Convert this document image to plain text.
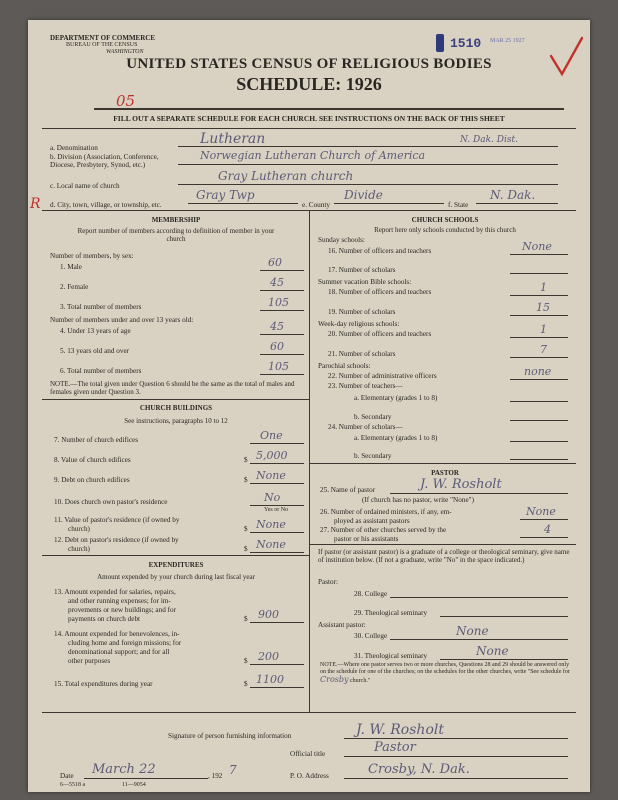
DEPARTMENT OF COMMERCE
BUREAU OF THE CENSUS
WASHINGTON
1510 MAR 25 1927
UNITED STATES CENSUS OF RELIGIOUS BODIES
SCHEDULE: 1926
05
FILL OUT A SEPARATE SCHEDULE FOR EACH CHURCH. SEE INSTRUCTIONS ON THE BACK OF THIS SHEET
a. Denomination
Lutheran	N. Dak. Dist.
b. Division (Association, Conference, Diocese, Presbytery, Synod, etc.)
Norwegian Lutheran Church of America
c. Local name of church
Gray Lutheran church
R d. City, town, village, or township, etc.
Gray Twp
e. County
Divide
f. State
N. Dak.
MEMBERSHIP
Report number of members according to definition of member in your church
Number of members, by sex:
1. Male	60
2. Female	45
3. Total number of members	105
Number of members under and over 13 years old:
4. Under 13 years of age	45
5. 13 years old and over	60
6. Total number of members	105
NOTE.—The total given under Question 6 should be the same as the total of males and females given under Question 3.
CHURCH BUILDINGS
See instructions, paragraphs 10 to 12
7. Number of church edifices	One
8. Value of church edifices	$ 5,000
9. Debt on church edifices	$ None
10. Does church own pastor's residence	No
Yes or No
11. Value of pastor's residence (if owned by
church)	$ None
12. Debt on pastor's residence (if owned by
church)	$ None
EXPENDITURES
Amount expended by your church during last fiscal year
13. Amount expended for salaries, repairs,
and other running expenses; for im-
provements or new buildings; and for
payments on church debt	$ 900
14. Amount expended for benevolences, in-
cluding home and foreign missions; for
denominational support; and for all
other purposes	$ 200
15. Total expenditures during year	$ 1100
CHURCH SCHOOLS
Report here only schools conducted by this church
Sunday schools:
16. Number of officers and teachers	None
17. Number of scholars
Summer vacation Bible schools:
18. Number of officers and teachers	1
19. Number of scholars	15
Week-day religious schools:
20. Number of officers and teachers	1
21. Number of scholars	7
Parochial schools:
22. Number of administrative officers	none
23. Number of teachers—
a. Elementary (grades 1 to 8)
b. Secondary
24. Number of scholars—
a. Elementary (grades 1 to 8)
b. Secondary
PASTOR
25. Name of pastor	J. W. Rosholt
(If church has no pastor, write "None")
26. Number of ordained ministers, if any, em-
ployed as assistant pastors
None
27. Number of other churches served by the
pastor or his assistants
4
If pastor (or assistant pastor) is a graduate of a college or theological seminary, give name of institution below. (If not a graduate, write "No" in the space indicated.)
Pastor:
28. College
29. Theological seminary
Assistant pastor:
30. College	None
31. Theological seminary	None
NOTE.—Where one pastor serves two or more churches, Questions 28 and 29 should be answered only on the schedule for one of the churches; on the schedules for the other churches, write "See schedule for Crosby church."
Signature of person furnishing information	J. W. Rosholt
Official title	Pastor
Date March 22	, 192 7	P. O. Address	Crosby, N. Dak.
6—5518 a	11—9054
